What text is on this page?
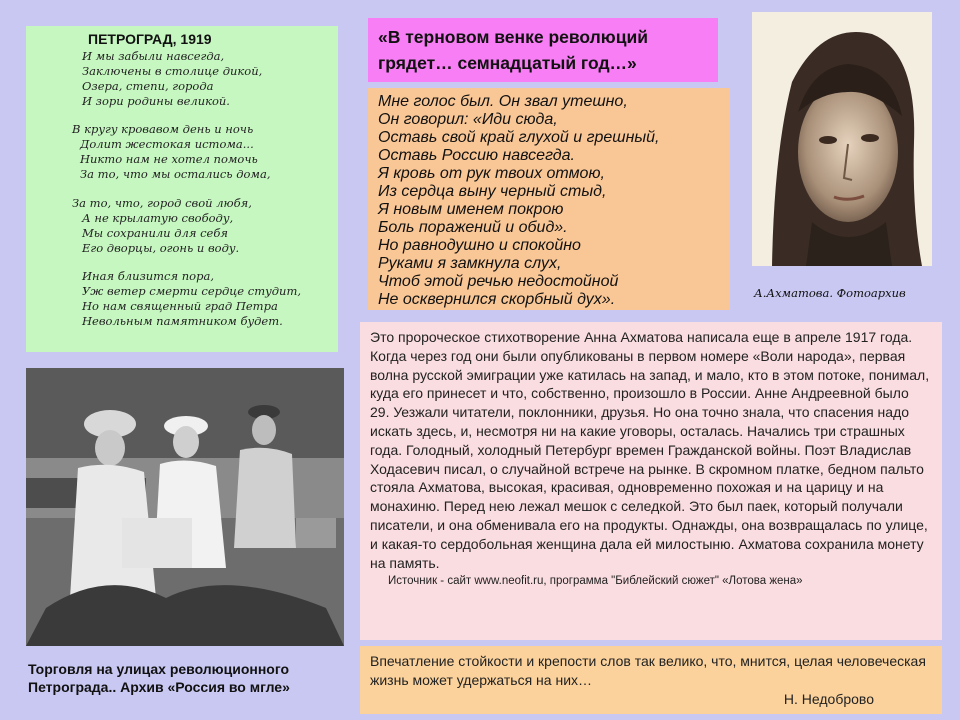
ПЕТРОГРАД, 1919
И мы забыли навсегда,
Заключены в столице дикой,
Озера, степи, города
И зори родины великой.
В кругу кровавом день и ночь
Долит жестокая истома...
Никто нам не хотел помочь
За то, что мы остались дома,
За то, что, город свой любя,
А не крылатую свободу,
Мы сохранили для себя
Его дворцы, огонь и воду.
Иная близится пора,
Уж ветер смерти сердце студит,
Но нам священный град Петра
Невольным памятником будет.
«В терновом венке революций
грядет… семнадцатый год…»
Мне голос был. Он звал утешно,
Он говорил: «Иди сюда,
Оставь свой край глухой и грешный,
Оставь Россию навсегда.
Я кровь от рук твоих отмою,
Из сердца выну черный стыд,
Я новым именем покрою
Боль поражений и обид».
Но равнодушно и спокойно
Руками я замкнула слух,
Чтоб этой речью недостойной
Не осквернился скорбный дух».	А.Ахматова. Фотоархив
Торговля на улицах революционного
Петрограда.. Архив «Россия во мгле»
Это пророческое стихотворение Анна Ахматова написала еще в апреле 1917 года. Когда через год они были опубликованы в первом номере «Воли народа», первая волна русской эмиграции уже катилась на запад, и мало, кто в этом потоке, понимал, куда его принесет и что, собственно, произошло в России. Анне Андреевной было 29. Уезжали читатели, поклонники, друзья. Но она точно знала, что спасения надо искать здесь, и, несмотря ни на какие уговоры, осталась. Начались три страшных года. Голодный, холодный Петербург времен Гражданской войны. Поэт Владислав Ходасевич писал, о случайной встрече на рынке. В скромном платке, бедном пальто стояла Ахматова, высокая, красивая, одновременно похожая и на царицу и на монахиню. Перед нею лежал мешок с селедкой. Это был паек, который получали писатели, и она обменивала его на продукты. Однажды, она возвращалась по улице, и какая-то сердобольная женщина дала ей милостыню. Ахматова сохранила монету на память.
Источник - сайт www.neofit.ru, программа "Библейский сюжет" «Лотова жена»
Впечатление стойкости и крепости слов так велико, что, мнится, целая человеческая жизнь может удержаться на них…
Н. Недоброво
